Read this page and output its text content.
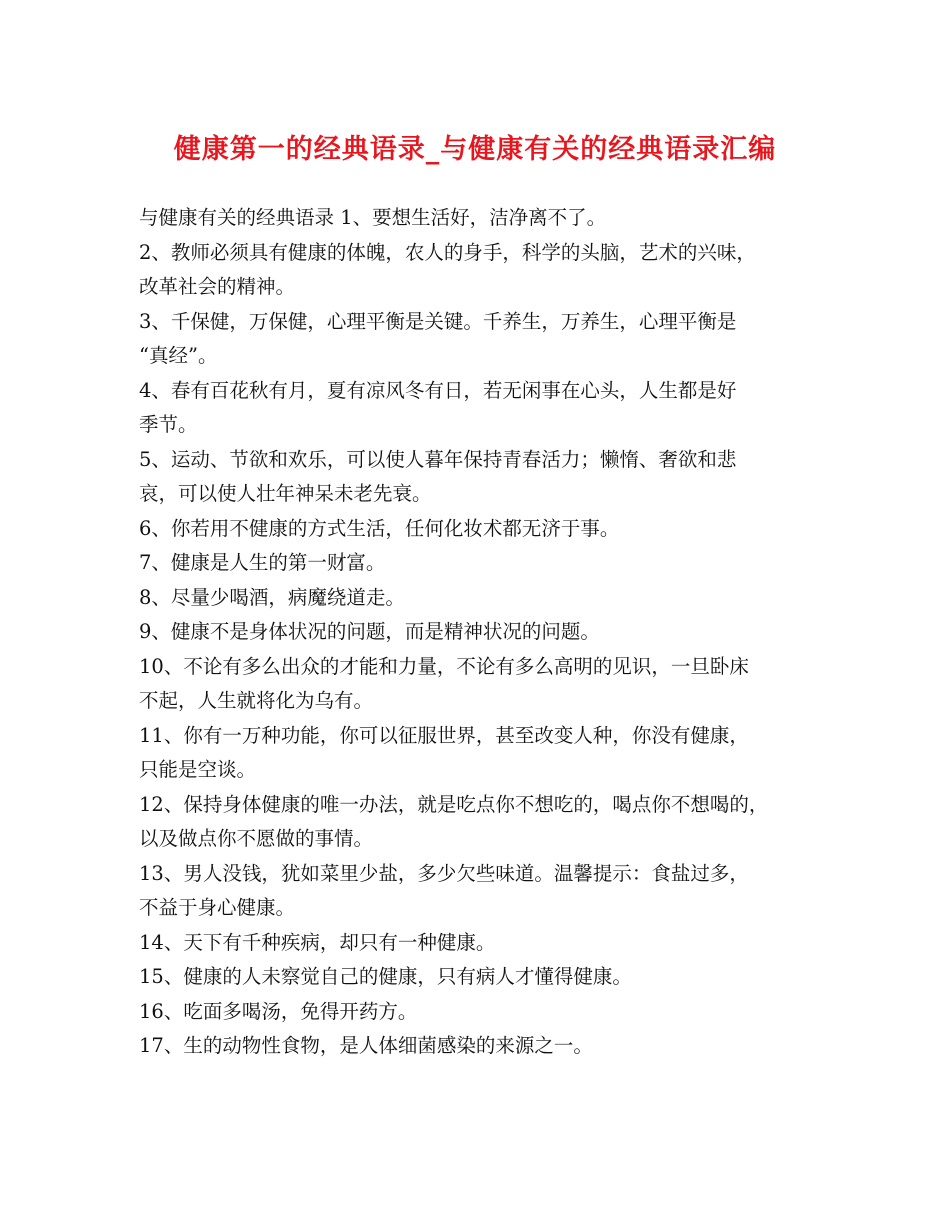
健康第一的经典语录_与健康有关的经典语录汇编
与健康有关的经典语录 1、要想生活好，洁净离不了。
2、教师必须具有健康的体魄，农人的身手，科学的头脑，艺术的兴味，
改革社会的精神。
3、千保健，万保健，心理平衡是关键。千养生，万养生，心理平衡是
“真经”。
4、春有百花秋有月，夏有凉风冬有日，若无闲事在心头，人生都是好
季节。
5、运动、节欲和欢乐，可以使人暮年保持青春活力；懒惰、奢欲和悲
哀，可以使人壮年神呆未老先衰。
6、你若用不健康的方式生活，任何化妆术都无济于事。
7、健康是人生的第一财富。
8、尽量少喝酒，病魔绕道走。
9、健康不是身体状况的问题，而是精神状况的问题。
10、不论有多么出众的才能和力量，不论有多么高明的见识，一旦卧床
不起，人生就将化为乌有。
11、你有一万种功能，你可以征服世界，甚至改变人种，你没有健康，
只能是空谈。
12、保持身体健康的唯一办法，就是吃点你不想吃的，喝点你不想喝的，
以及做点你不愿做的事情。
13、男人没钱，犹如菜里少盐，多少欠些味道。温馨提示：食盐过多，
不益于身心健康。
14、天下有千种疾病，却只有一种健康。
15、健康的人未察觉自己的健康，只有病人才懂得健康。
16、吃面多喝汤，免得开药方。
17、生的动物性食物，是人体细菌感染的来源之一。
